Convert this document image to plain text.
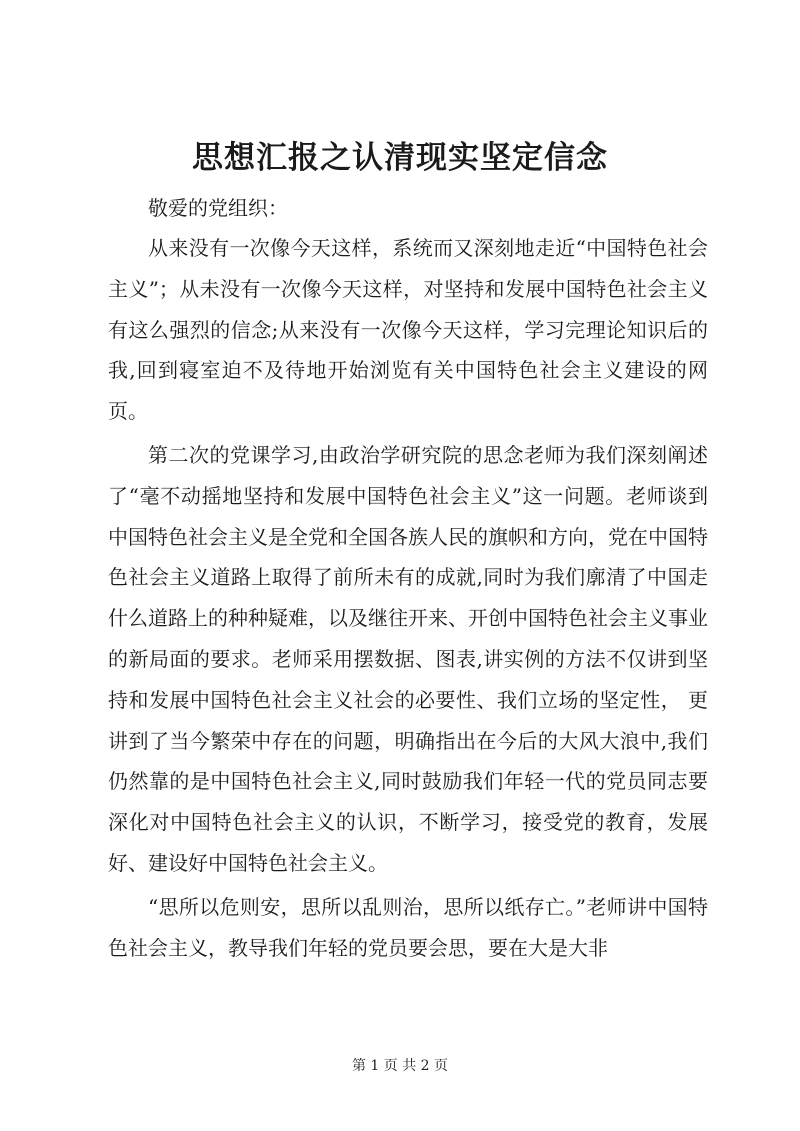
思想汇报之认清现实坚定信念

敬爱的党组织：

从来没有一次像今天这样，系统而又深刻地走近“中国特色社会主义”；从未没有一次像今天这样，对坚持和发展中国特色社会主义有这么强烈的信念;从来没有一次像今天这样，学习完理论知识后的我,回到寝室迫不及待地开始浏览有关中国特色社会主义建设的网页。

第二次的党课学习,由政治学研究院的思念老师为我们深刻阐述了“毫不动摇地坚持和发展中国特色社会主义”这一问题。老师谈到中国特色社会主义是全党和全国各族人民的旗帜和方向，党在中国特色社会主义道路上取得了前所未有的成就,同时为我们廓清了中国走什么道路上的种种疑难，以及继往开来、开创中国特色社会主义事业的新局面的要求。老师采用摆数据、图表,讲实例的方法不仅讲到坚持和发展中国特色社会主义社会的必要性、我们立场的坚定性， 更讲到了当今繁荣中存在的问题，明确指出在今后的大风大浪中,我们仍然靠的是中国特色社会主义,同时鼓励我们年轻一代的党员同志要深化对中国特色社会主义的认识，不断学习，接受党的教育，发展好、建设好中国特色社会主义。

“思所以危则安，思所以乱则治，思所以纸存亡。”老师讲中国特色社会主义，教导我们年轻的党员要会思，要在大是大非

第 1 页 共 2 页
